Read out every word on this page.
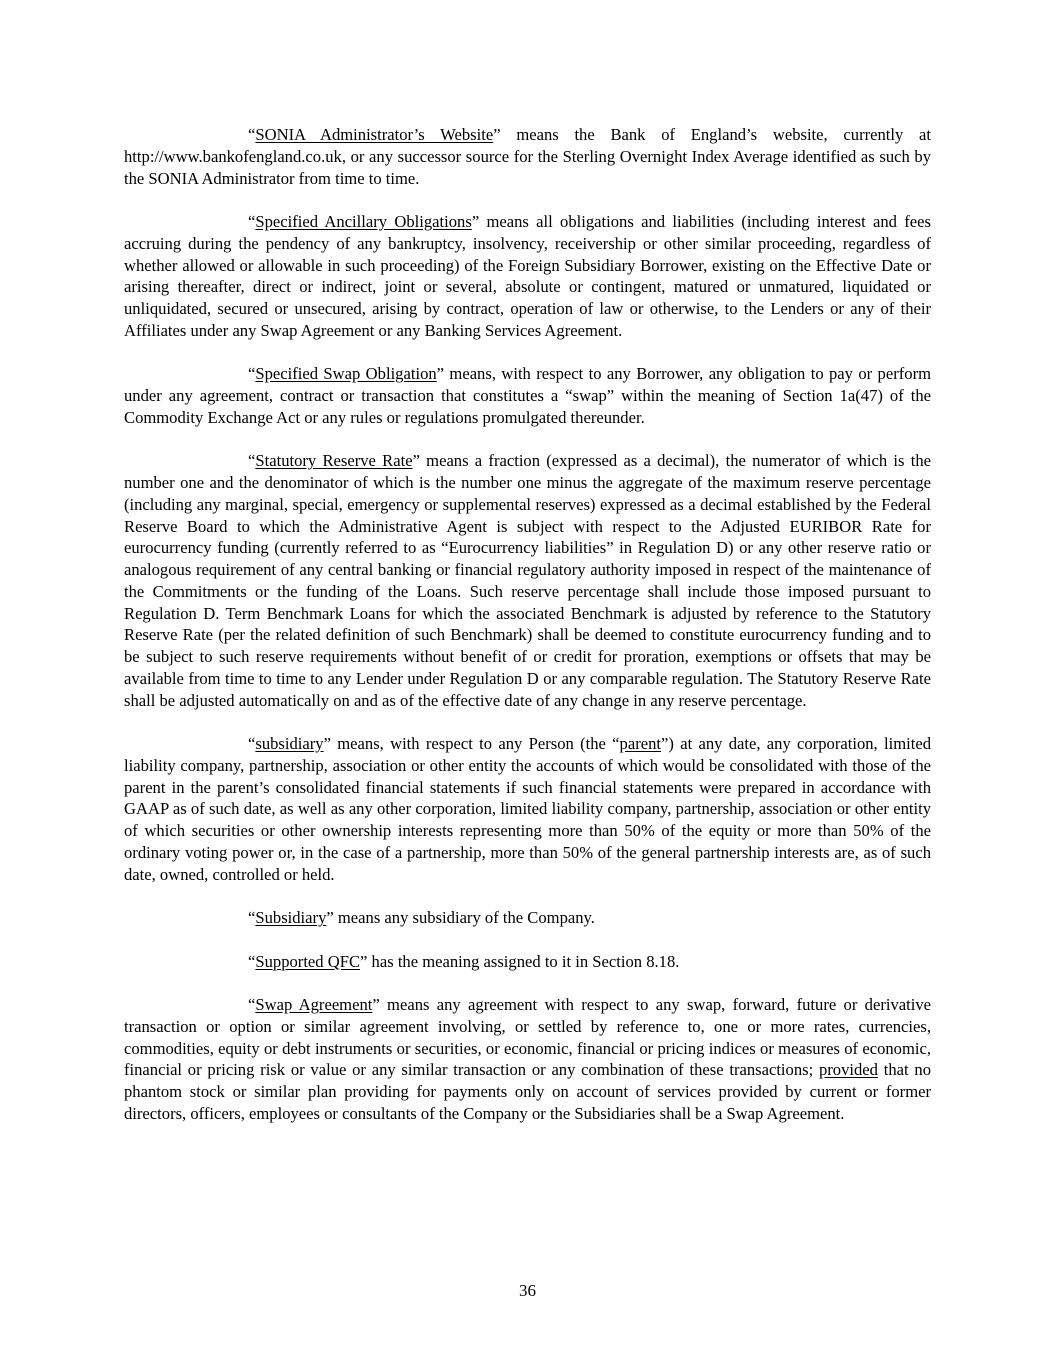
“SONIA Administrator’s Website” means the Bank of England’s website, currently at http://www.bankofengland.co.uk, or any successor source for the Sterling Overnight Index Average identified as such by the SONIA Administrator from time to time.

“Specified Ancillary Obligations” means all obligations and liabilities (including interest and fees accruing during the pendency of any bankruptcy, insolvency, receivership or other similar proceeding, regardless of whether allowed or allowable in such proceeding) of the Foreign Subsidiary Borrower, existing on the Effective Date or arising thereafter, direct or indirect, joint or several, absolute or contingent, matured or unmatured, liquidated or unliquidated, secured or unsecured, arising by contract, operation of law or otherwise, to the Lenders or any of their Affiliates under any Swap Agreement or any Banking Services Agreement.

“Specified Swap Obligation” means, with respect to any Borrower, any obligation to pay or perform under any agreement, contract or transaction that constitutes a “swap” within the meaning of Section 1a(47) of the Commodity Exchange Act or any rules or regulations promulgated thereunder.

“Statutory Reserve Rate” means a fraction (expressed as a decimal), the numerator of which is the number one and the denominator of which is the number one minus the aggregate of the maximum reserve percentage (including any marginal, special, emergency or supplemental reserves) expressed as a decimal established by the Federal Reserve Board to which the Administrative Agent is subject with respect to the Adjusted EURIBOR Rate for eurocurrency funding (currently referred to as “Eurocurrency liabilities” in Regulation D) or any other reserve ratio or analogous requirement of any central banking or financial regulatory authority imposed in respect of the maintenance of the Commitments or the funding of the Loans. Such reserve percentage shall include those imposed pursuant to Regulation D. Term Benchmark Loans for which the associated Benchmark is adjusted by reference to the Statutory Reserve Rate (per the related definition of such Benchmark) shall be deemed to constitute eurocurrency funding and to be subject to such reserve requirements without benefit of or credit for proration, exemptions or offsets that may be available from time to time to any Lender under Regulation D or any comparable regulation. The Statutory Reserve Rate shall be adjusted automatically on and as of the effective date of any change in any reserve percentage.

“subsidiary” means, with respect to any Person (the “parent”) at any date, any corporation, limited liability company, partnership, association or other entity the accounts of which would be consolidated with those of the parent in the parent’s consolidated financial statements if such financial statements were prepared in accordance with GAAP as of such date, as well as any other corporation, limited liability company, partnership, association or other entity of which securities or other ownership interests representing more than 50% of the equity or more than 50% of the ordinary voting power or, in the case of a partnership, more than 50% of the general partnership interests are, as of such date, owned, controlled or held.

“Subsidiary” means any subsidiary of the Company.

“Supported QFC” has the meaning assigned to it in Section 8.18.

“Swap Agreement” means any agreement with respect to any swap, forward, future or derivative transaction or option or similar agreement involving, or settled by reference to, one or more rates, currencies, commodities, equity or debt instruments or securities, or economic, financial or pricing indices or measures of economic, financial or pricing risk or value or any similar transaction or any combination of these transactions; provided that no phantom stock or similar plan providing for payments only on account of services provided by current or former directors, officers, employees or consultants of the Company or the Subsidiaries shall be a Swap Agreement.

36
